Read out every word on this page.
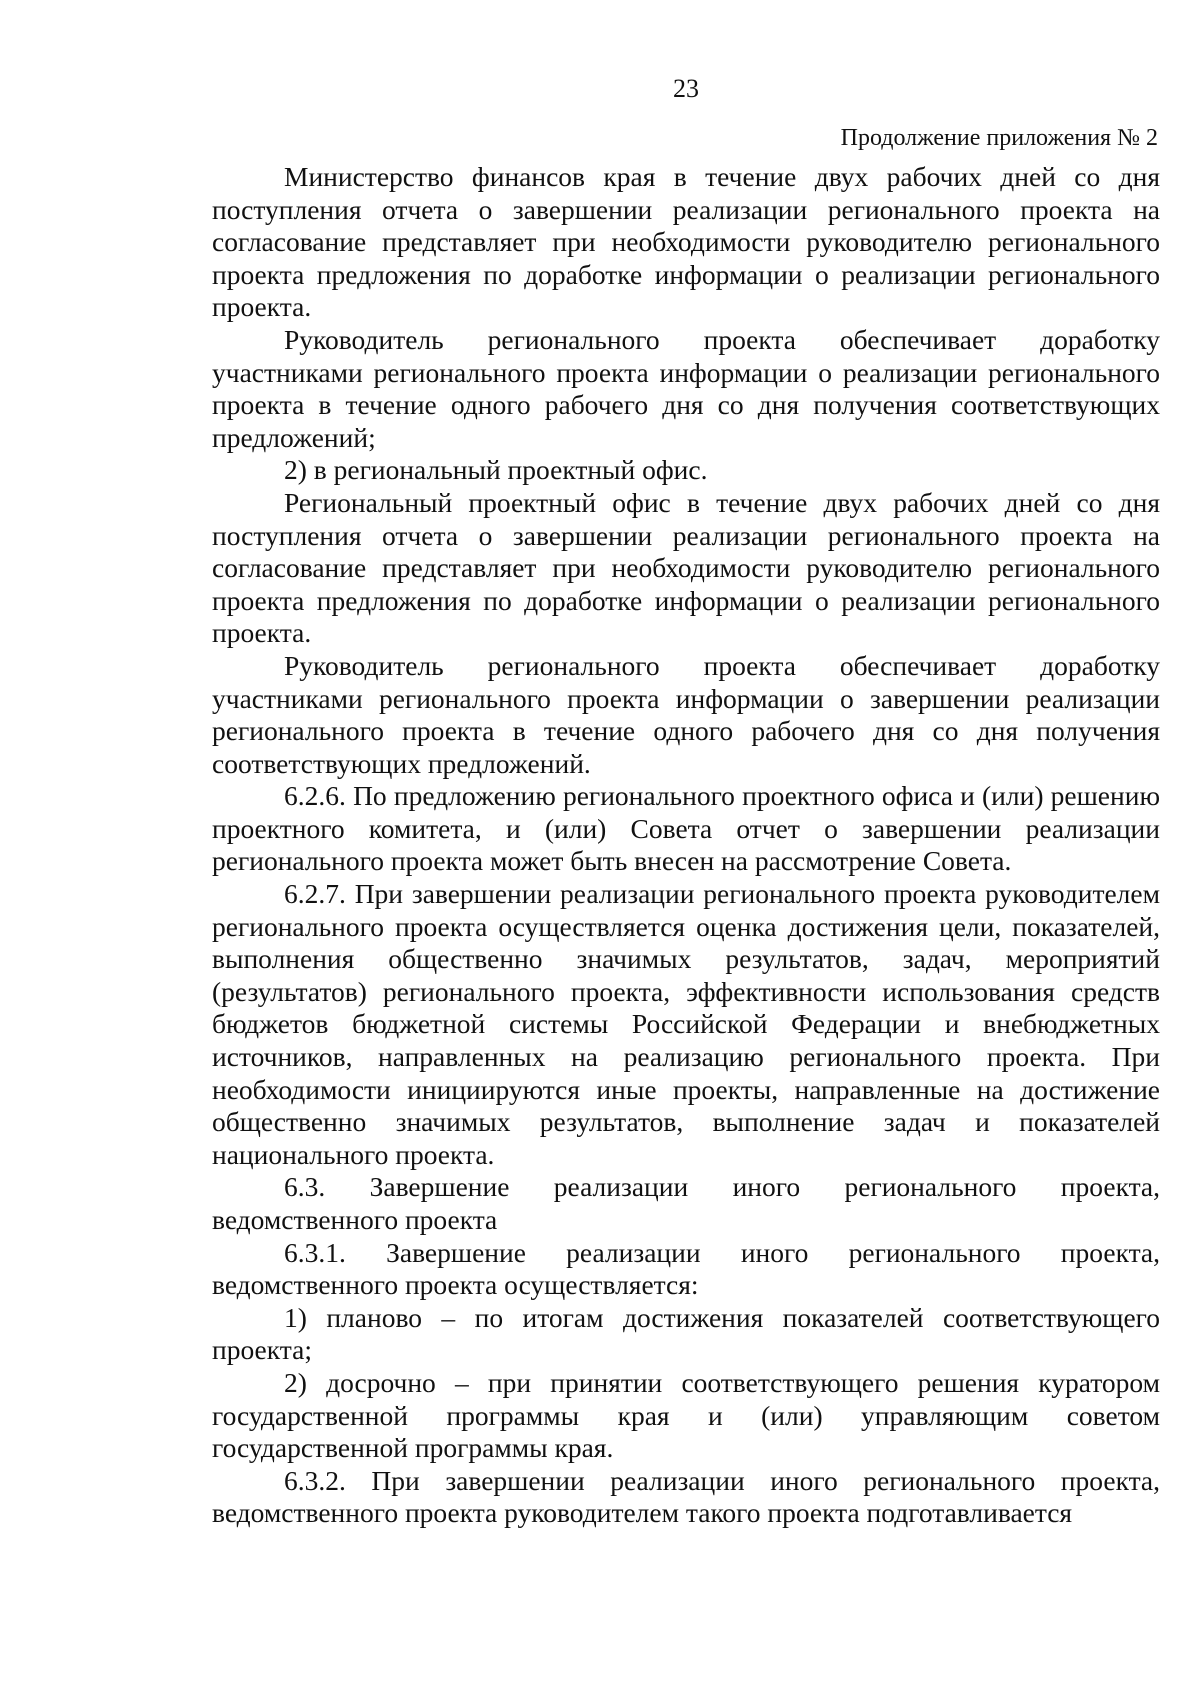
23
Продолжение приложения № 2

Министерство финансов края в течение двух рабочих дней со дня поступления отчета о завершении реализации регионального проекта на согласование представляет при необходимости руководителю регионального проекта предложения по доработке информации о реализации регионального проекта.

Руководитель регионального проекта обеспечивает доработку участниками регионального проекта информации о реализации регионального проекта в течение одного рабочего дня со дня получения соответствующих предложений;

2) в региональный проектный офис.

Региональный проектный офис в течение двух рабочих дней со дня поступления отчета о завершении реализации регионального проекта на согласование представляет при необходимости руководителю регионального проекта предложения по доработке информации о реализации регионального проекта.

Руководитель регионального проекта обеспечивает доработку участниками регионального проекта информации о завершении реализации регионального проекта в течение одного рабочего дня со дня получения соответствующих предложений.

6.2.6. По предложению регионального проектного офиса и (или) решению проектного комитета, и (или) Совета отчет о завершении реализации регионального проекта может быть внесен на рассмотрение Совета.

6.2.7. При завершении реализации регионального проекта руководителем регионального проекта осуществляется оценка достижения цели, показателей, выполнения общественно значимых результатов, задач, мероприятий (результатов) регионального проекта, эффективности использования средств бюджетов бюджетной системы Российской Федерации и внебюджетных источников, направленных на реализацию регионального проекта. При необходимости инициируются иные проекты, направленные на достижение общественно значимых результатов, выполнение задач и показателей национального проекта.

6.3. Завершение реализации иного регионального проекта, ведомственного проекта

6.3.1. Завершение реализации иного регионального проекта, ведомственного проекта осуществляется:

1) планово – по итогам достижения показателей соответствующего проекта;

2) досрочно – при принятии соответствующего решения куратором государственной программы края и (или) управляющим советом государственной программы края.

6.3.2. При завершении реализации иного регионального проекта, ведомственного проекта руководителем такого проекта подготавливается
